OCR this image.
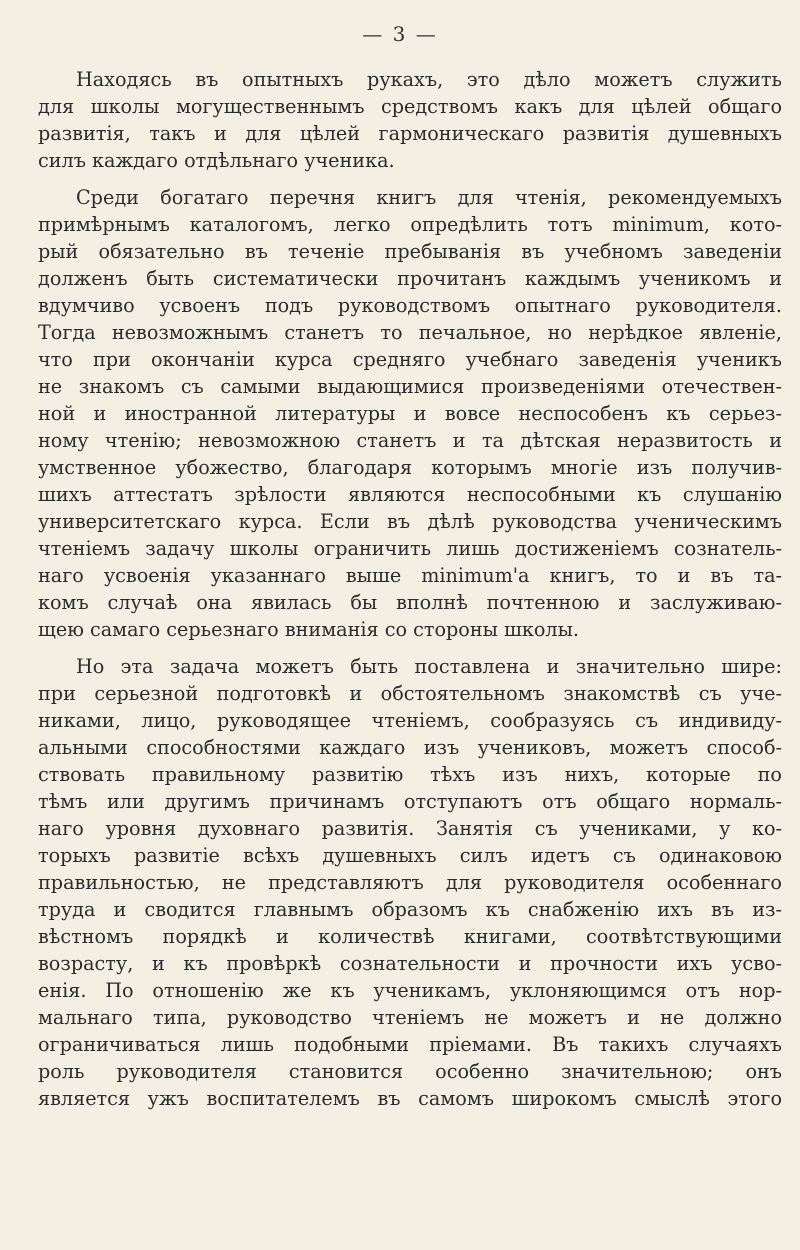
— 3 —
Находясь въ опытныхъ рукахъ, это дѣло можетъ служить
для школы могущественнымъ средствомъ какъ для цѣлей общаго
развитія, такъ и для цѣлей гармоническаго развитія душевныхъ
силъ каждаго отдѣльнаго ученика.
Среди богатаго перечня книгъ для чтенія, рекомендуемыхъ
примѣрнымъ каталогомъ, легко опредѣлить тотъ minimum, кото-
рый обязательно въ теченіе пребыванія въ учебномъ заведеніи
долженъ быть систематически прочитанъ каждымъ ученикомъ и
вдумчиво усвоенъ подъ руководствомъ опытнаго руководителя.
Тогда невозможнымъ станетъ то печальное, но нерѣдкое явленіе,
что при окончаніи курса средняго учебнаго заведенія ученикъ
не знакомъ съ самыми выдающимися произведеніями отечествен-
ной и иностранной литературы и вовсе неспособенъ къ серьез-
ному чтенію; невозможною станетъ и та дѣтская неразвитость и
умственное убожество, благодаря которымъ многіе изъ получив-
шихъ аттестатъ зрѣлости являются неспособными къ слушанію
университетскаго курса. Если въ дѣлѣ руководства ученическимъ
чтеніемъ задачу школы ограничить лишь достиженіемъ сознатель-
наго усвоенія указаннаго выше minimum'a книгъ, то и въ та-
комъ случаѣ она явилась бы вполнѣ почтенною и заслуживаю-
щею самаго серьезнаго вниманія со стороны школы.
Но эта задача можетъ быть поставлена и значительно шире:
при серьезной подготовкѣ и обстоятельномъ знакомствѣ съ уче-
никами, лицо, руководящее чтеніемъ, сообразуясь съ индивиду-
альными способностями каждаго изъ учениковъ, можетъ способ-
ствовать правильному развитію тѣхъ изъ нихъ, которые по
тѣмъ или другимъ причинамъ отступаютъ отъ общаго нормаль-
наго уровня духовнаго развитія. Занятія съ учениками, у ко-
торыхъ развитіе всѣхъ душевныхъ силъ идетъ съ одинаковою
правильностью, не представляютъ для руководителя особеннаго
труда и сводится главнымъ образомъ къ снабженію ихъ въ из-
вѣстномъ порядкѣ и количествѣ книгами, соотвѣтствующими
возрасту, и къ провѣркѣ сознательности и прочности ихъ усво-
енія. По отношенію же къ ученикамъ, уклоняющимся отъ нор-
мальнаго типа, руководство чтеніемъ не можетъ и не должно
ограничиваться лишь подобными пріемами. Въ такихъ случаяхъ
роль руководителя становится особенно значительною; онъ
является ужъ воспитателемъ въ самомъ широкомъ смыслѣ этого
